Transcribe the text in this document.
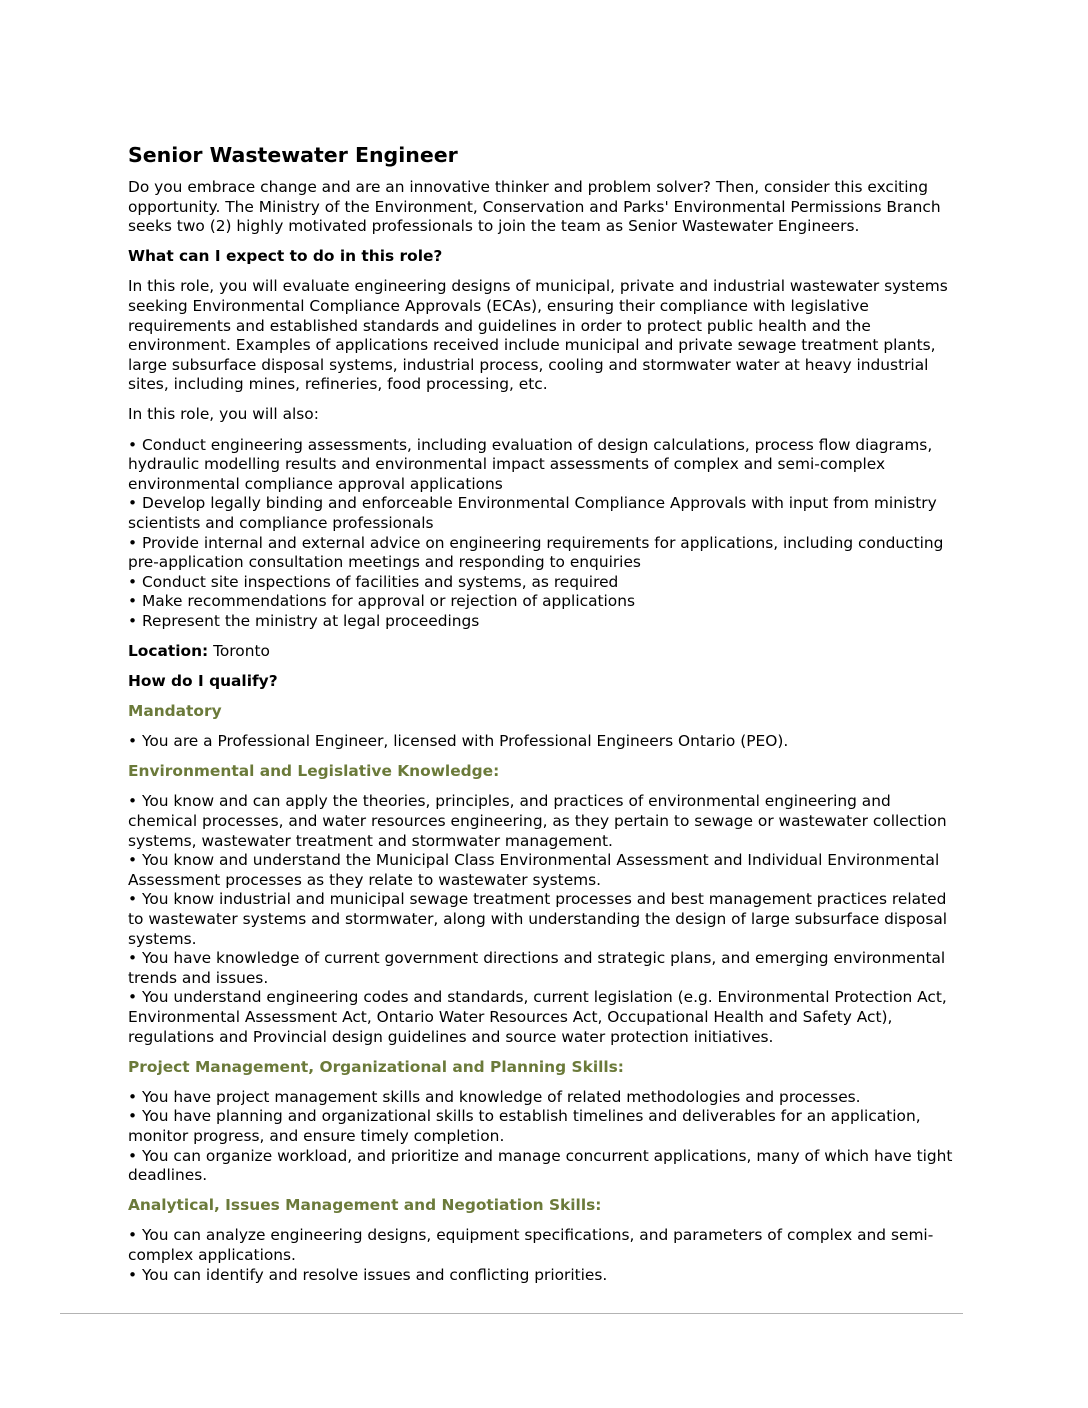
Senior Wastewater Engineer

Do you embrace change and are an innovative thinker and problem solver? Then, consider this exciting opportunity. The Ministry of the Environment, Conservation and Parks' Environmental Permissions Branch seeks two (2) highly motivated professionals to join the team as Senior Wastewater Engineers.

What can I expect to do in this role?

In this role, you will evaluate engineering designs of municipal, private and industrial wastewater systems seeking Environmental Compliance Approvals (ECAs), ensuring their compliance with legislative requirements and established standards and guidelines in order to protect public health and the environment. Examples of applications received include municipal and private sewage treatment plants, large subsurface disposal systems, industrial process, cooling and stormwater water at heavy industrial sites, including mines, refineries, food processing, etc.

In this role, you will also:

• Conduct engineering assessments, including evaluation of design calculations, process flow diagrams, hydraulic modelling results and environmental impact assessments of complex and semi-complex environmental compliance approval applications
• Develop legally binding and enforceable Environmental Compliance Approvals with input from ministry scientists and compliance professionals
• Provide internal and external advice on engineering requirements for applications, including conducting pre-application consultation meetings and responding to enquiries
• Conduct site inspections of facilities and systems, as required
• Make recommendations for approval or rejection of applications
• Represent the ministry at legal proceedings

Location: Toronto

How do I qualify?
Mandatory
• You are a Professional Engineer, licensed with Professional Engineers Ontario (PEO).
Environmental and Legislative Knowledge:
• You know and can apply the theories, principles, and practices of environmental engineering and chemical processes, and water resources engineering, as they pertain to sewage or wastewater collection systems, wastewater treatment and stormwater management.
• You know and understand the Municipal Class Environmental Assessment and Individual Environmental Assessment processes as they relate to wastewater systems.
• You know industrial and municipal sewage treatment processes and best management practices related to wastewater systems and stormwater, along with understanding the design of large subsurface disposal systems.
• You have knowledge of current government directions and strategic plans, and emerging environmental trends and issues.
• You understand engineering codes and standards, current legislation (e.g. Environmental Protection Act, Environmental Assessment Act, Ontario Water Resources Act, Occupational Health and Safety Act), regulations and Provincial design guidelines and source water protection initiatives.
Project Management, Organizational and Planning Skills:
• You have project management skills and knowledge of related methodologies and processes.
• You have planning and organizational skills to establish timelines and deliverables for an application, monitor progress, and ensure timely completion.
• You can organize workload, and prioritize and manage concurrent applications, many of which have tight deadlines.
Analytical, Issues Management and Negotiation Skills:
• You can analyze engineering designs, equipment specifications, and parameters of complex and semi-complex applications.
• You can identify and resolve issues and conflicting priorities.
